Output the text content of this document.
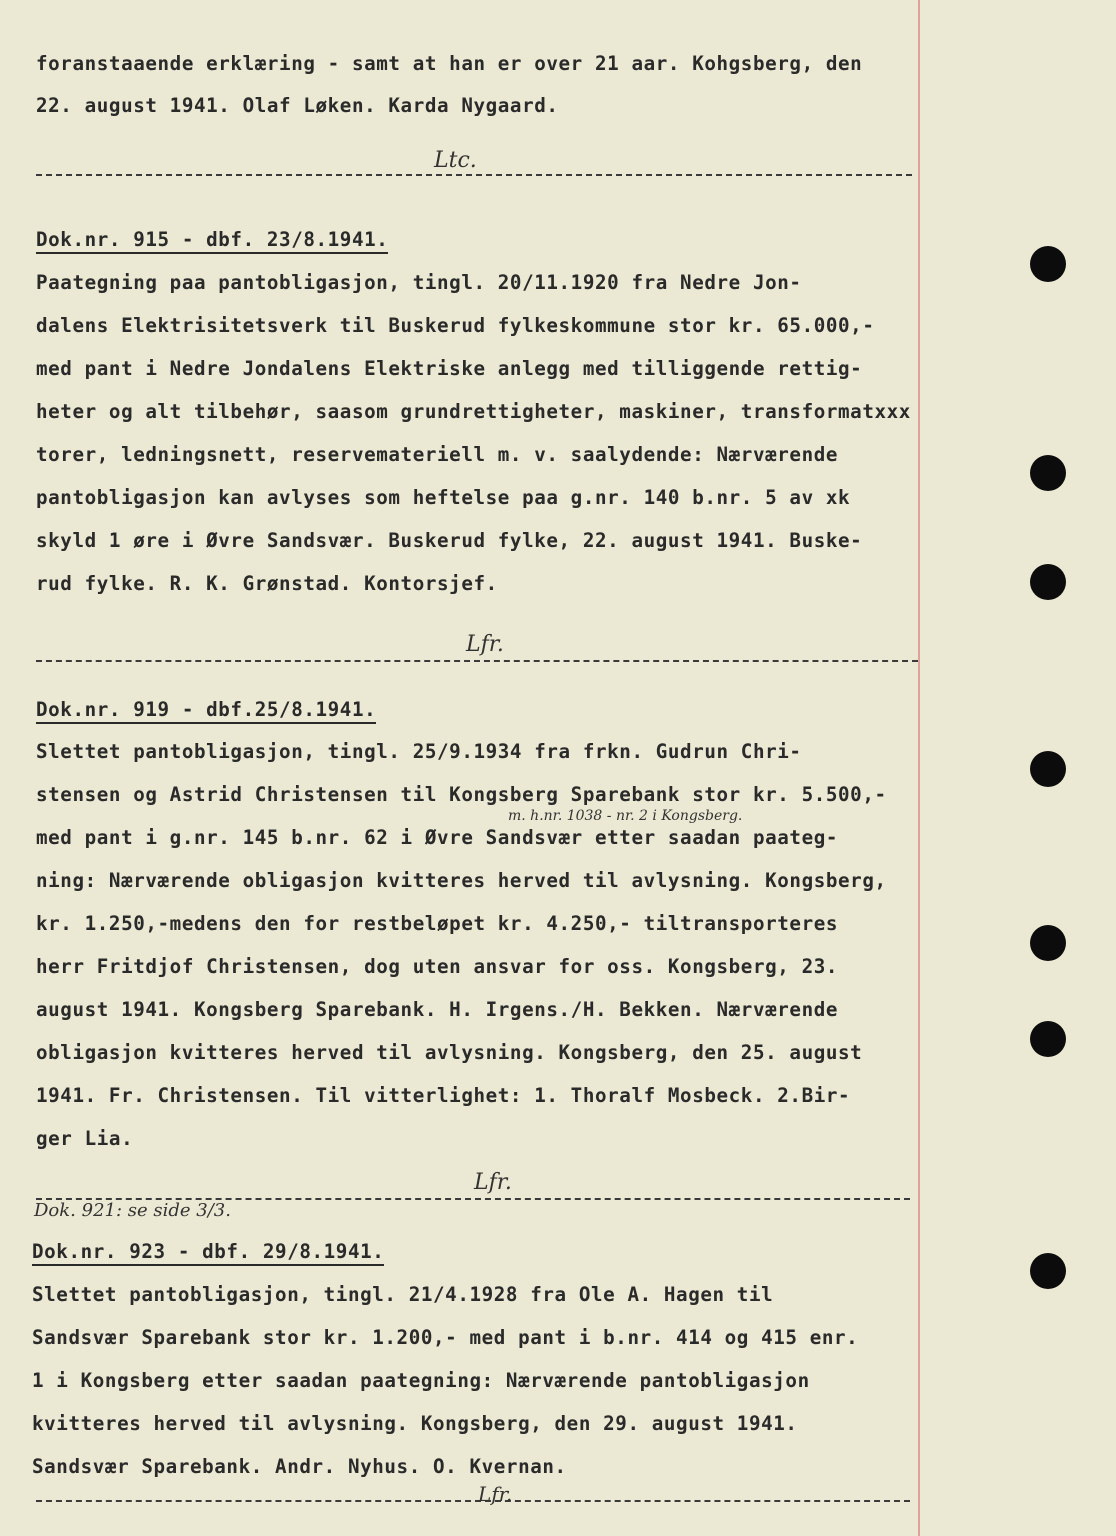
foranstaaende erklæring - samt at han er over 21 aar. Kohgsberg, den
22. august 1941. Olaf Løken. Karda Nygaard.
Ltc.
Dok.nr. 915 - dbf. 23/8.1941.
Paategning paa pantobligasjon, tingl. 20/11.1920 fra Nedre Jon-
dalens Elektrisitetsverk til Buskerud fylkeskommune stor kr. 65.000,-
med pant i Nedre Jondalens Elektriske anlegg med tilliggende rettig-
heter og alt tilbehør, saasom grundrettigheter, maskiner, transformatxxx
torer, ledningsnett, reservemateriell m. v. saalydende: Nærværende
pantobligasjon kan avlyses som heftelse paa g.nr. 140 b.nr. 5 av xk
skyld 1 øre i Øvre Sandsvær. Buskerud fylke, 22. august 1941. Buske-
rud fylke. R. K. Grønstad. Kontorsjef.
Lfr.
Dok.nr. 919 - dbf.25/8.1941.
Slettet pantobligasjon, tingl. 25/9.1934 fra frkn. Gudrun Chri-
stensen og Astrid Christensen til Kongsberg Sparebank stor kr. 5.500,-
med pant i g.nr. 145 b.nr. 62 i Øvre Sandsvær etter saadan paateg-
ning: Nærværende obligasjon kvitteres herved til avlysning. Kongsberg,
kr. 1.250,-medens den for restbeløpet kr. 4.250,- tiltransporteres
herr Fritdjof Christensen, dog uten ansvar for oss. Kongsberg, 23.
august 1941. Kongsberg Sparebank. H. Irgens./H. Bekken. Nærværende
obligasjon kvitteres herved til avlysning. Kongsberg, den 25. august
1941. Fr. Christensen. Til vitterlighet: 1. Thoralf Mosbeck. 2.Bir-
ger Lia.
m. h.nr. 1038 - nr. 2 i Kongsberg.
Lfr.
Dok. 921: se side 3/3.
Dok.nr. 923 - dbf. 29/8.1941.
Slettet pantobligasjon, tingl. 21/4.1928 fra Ole A. Hagen til
Sandsvær Sparebank stor kr. 1.200,- med pant i b.nr. 414 og 415 enr.
1 i Kongsberg etter saadan paategning: Nærværende pantobligasjon
kvitteres herved til avlysning. Kongsberg, den 29. august 1941.
Sandsvær Sparebank. Andr. Nyhus. O. Kvernan.
Lfr.
